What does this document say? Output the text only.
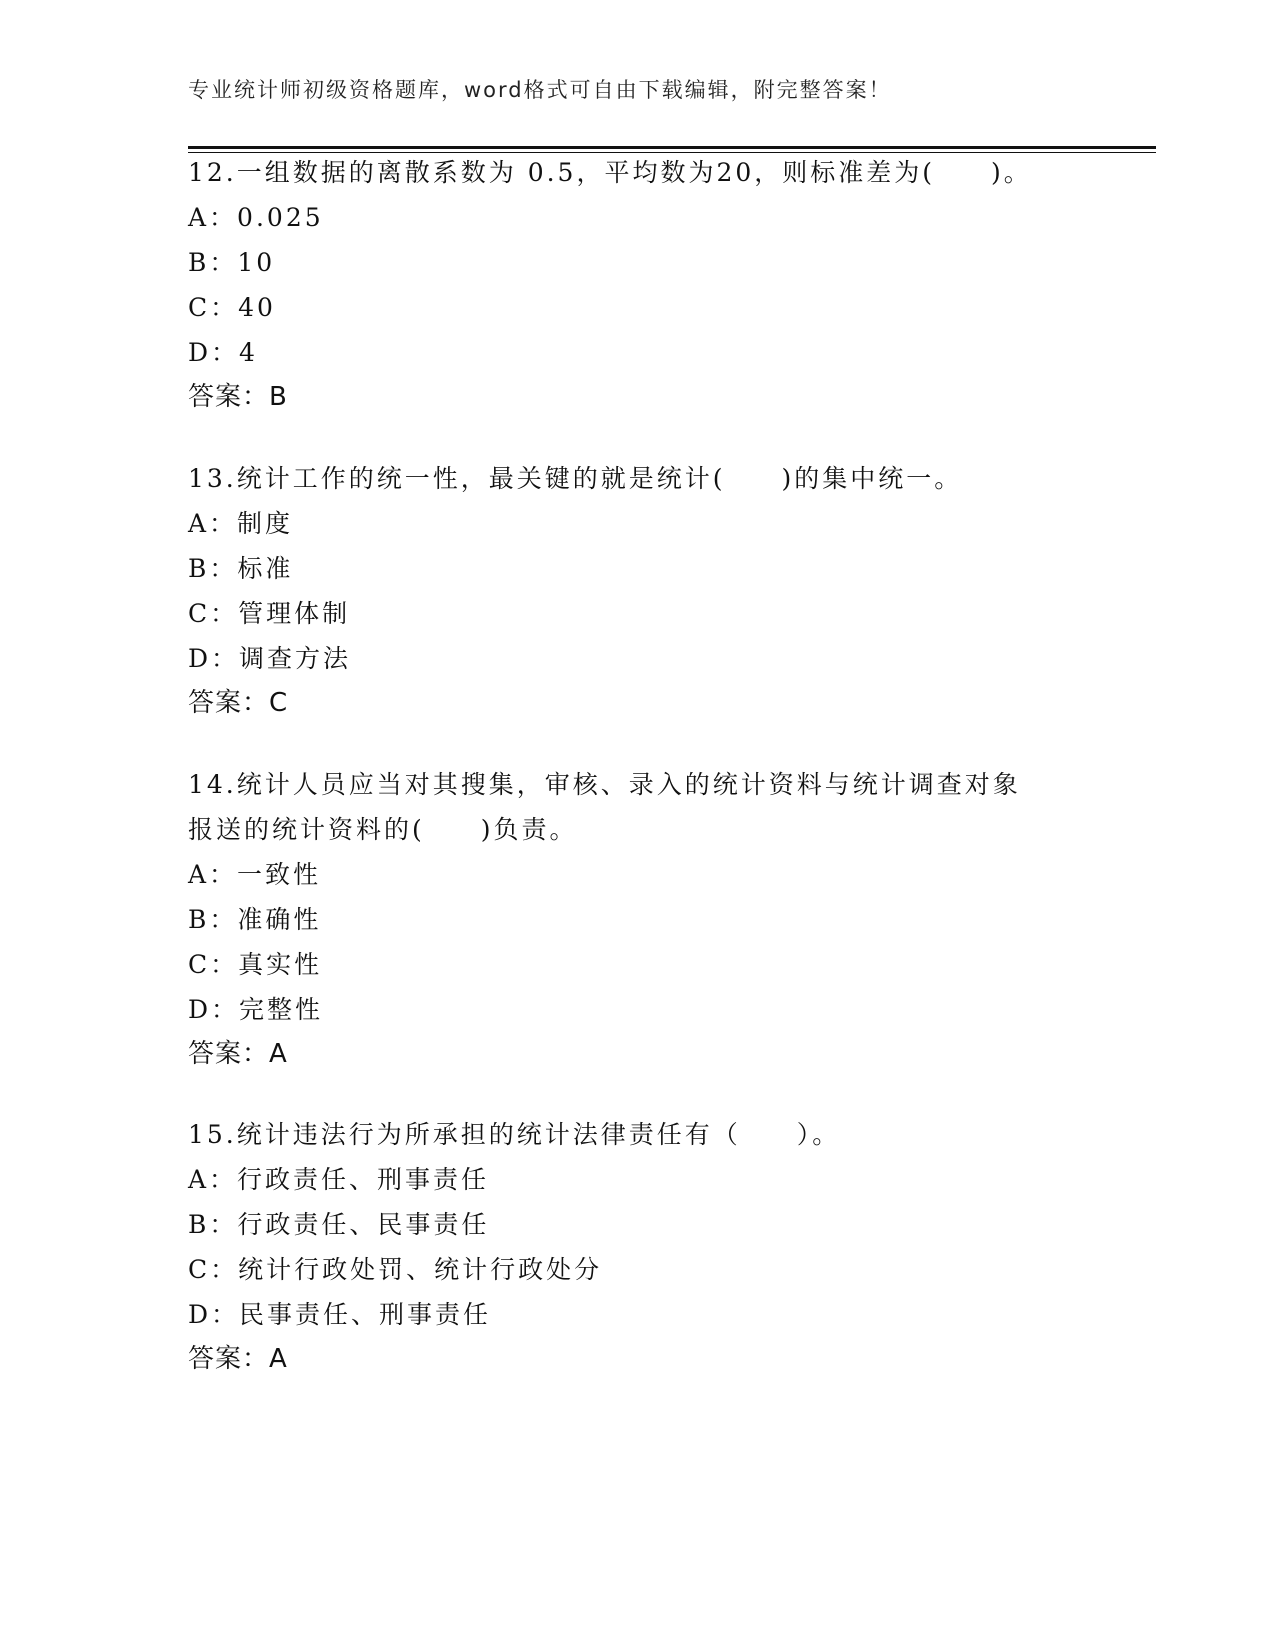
专业统计师初级资格题库，word格式可自由下载编辑，附完整答案！

12.一组数据的离散系数为 0.5，平均数为20，则标准差为(　　)。

A：0.025
B：10
C：40
D：4
答案：B

13.统计工作的统一性，最关键的就是统计(　　)的集中统一。

A：制度
B：标准
C：管理体制
D：调查方法
答案：C

14.统计人员应当对其搜集，审核、录入的统计资料与统计调查对象报送的统计资料的(　　)负责。

A：一致性
B：准确性
C：真实性
D：完整性
答案：A

15.统计违法行为所承担的统计法律责任有（　　）。

A：行政责任、刑事责任
B：行政责任、民事责任
C：统计行政处罚、统计行政处分
D：民事责任、刑事责任
答案：A
